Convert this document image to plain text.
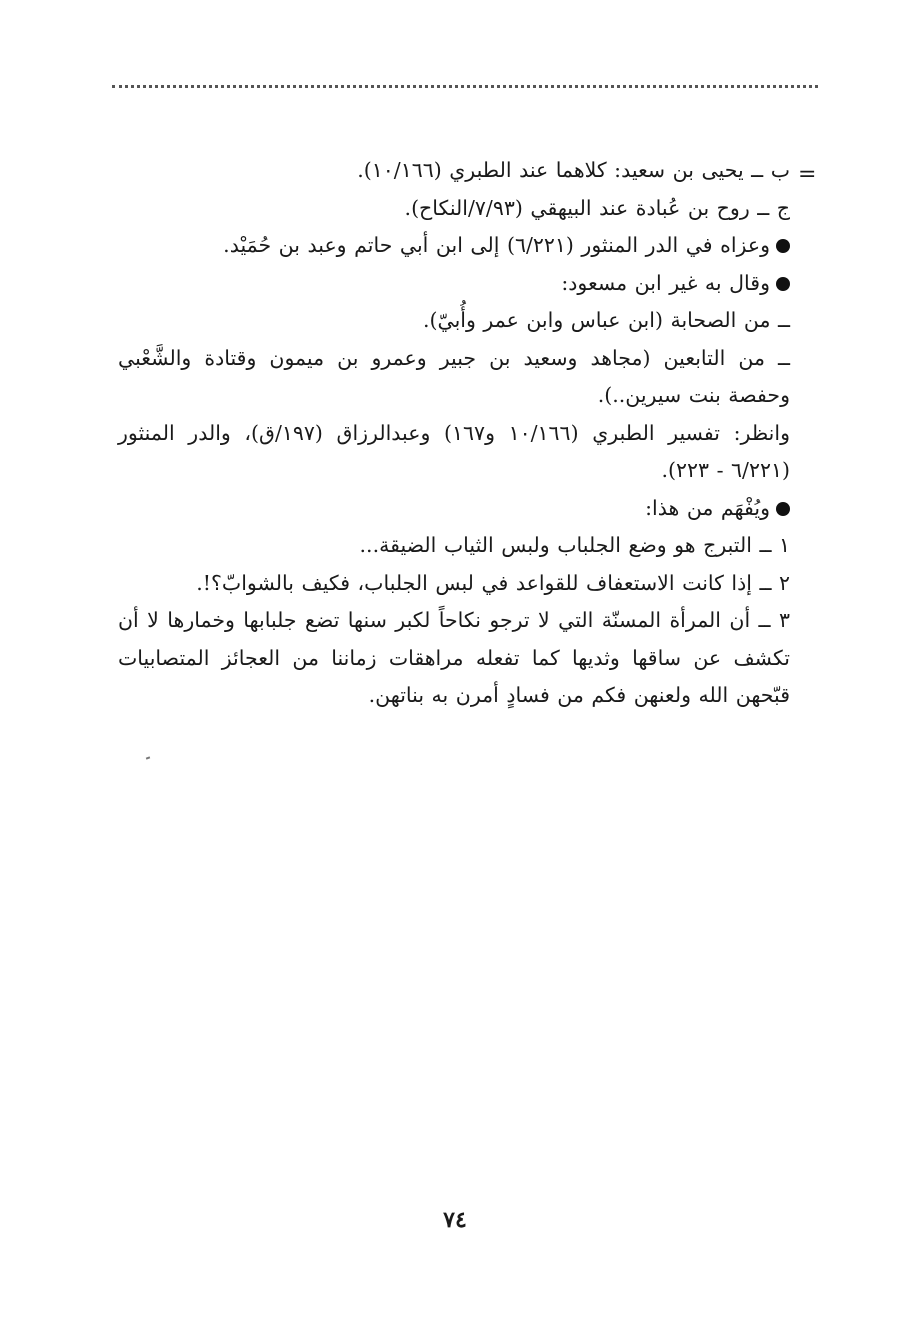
=

ب ــ يحيى بن سعيد: كلاهما عند الطبري (١٠/١٦٦).

ج ــ روح بن عُبادة عند البيهقي (٧/٩٣/النكاح).

وعزاه في الدر المنثور (٦/٢٢١) إلى ابن أبي حاتم وعبد بن حُمَيْد.

وقال به غير ابن مسعود:

ــ من الصحابة (ابن عباس وابن عمر وأُبيّ).

ــ من التابعين (مجاهد وسعيد بن جبير وعمرو بن ميمون وقتادة والشَّعْبي وحفصة بنت سيرين..).

وانظر: تفسير الطبري (١٠/١٦٦ و١٦٧) وعبدالرزاق (١٩٧/ق)، والدر المنثور (٦/٢٢١ - ٢٢٣).

ويُفْهَم من هذا:

١ ــ التبرج هو وضع الجلباب ولبس الثياب الضيقة...

٢ ــ إذا كانت الاستعفاف للقواعد في لبس الجلباب، فكيف بالشوابّ؟!.

٣ ــ أن المرأة المسنّة التي لا ترجو نكاحاً لكبر سنها تضع جلبابها وخمارها لا أن تكشف عن ساقها وثديها كما تفعله مراهقات زماننا من العجائز المتصابيات قبّحهن الله ولعنهن فكم من فسادٍ أمرن به بناتهن.

٧٤
